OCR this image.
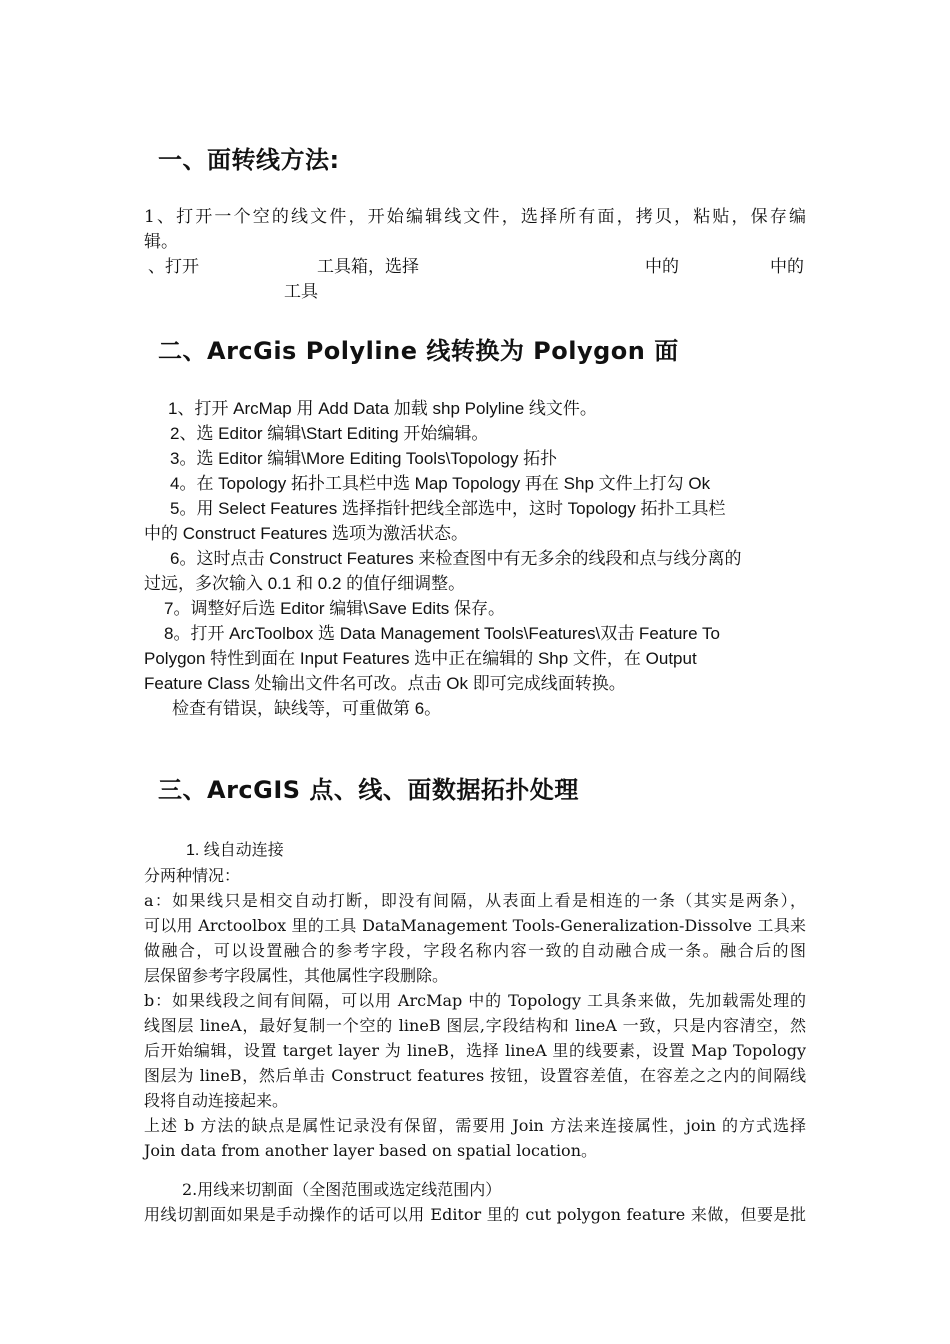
一、面转线方法:
1、打开一个空的线文件，开始编辑线文件，选择所有面，拷贝，粘贴，保存编
辑。
、打开	工具箱，选择	中的	中的
工具
二、ArcGis Polyline 线转换为 Polygon 面
1、打开 ArcMap 用 Add Data 加载 shp Polyline 线文件。
2、选 Editor 编辑\Start Editing 开始编辑。
3。选 Editor 编辑\More Editing Tools\Topology 拓扑
4。在 Topology 拓扑工具栏中选 Map Topology 再在 Shp 文件上打勾 Ok
5。用 Select Features 选择指针把线全部选中，这时 Topology 拓扑工具栏
中的 Construct Features 选项为激活状态。
6。这时点击 Construct Features 来检查图中有无多余的线段和点与线分离的
过远，多次输入 0.1 和 0.2 的值仔细调整。
7。调整好后选 Editor 编辑\Save Edits 保存。
8。打开 ArcToolbox 选 Data Management Tools\Features\双击 Feature To
Polygon 特性到面在 Input Features 选中正在编辑的 Shp 文件，在 Output
Feature Class 处输出文件名可改。点击 Ok 即可完成线面转换。
检查有错误，缺线等，可重做第 6。
三、ArcGIS 点、线、面数据拓扑处理
1. 线自动连接
分两种情况：
a：如果线只是相交自动打断，即没有间隔，从表面上看是相连的一条（其实是两条），
可以用 Arctoolbox 里的工具 DataManagement Tools-Generalization-Dissolve 工具来
做融合，可以设置融合的参考字段，字段名称内容一致的自动融合成一条。融合后的图
层保留参考字段属性，其他属性字段删除。
b：如果线段之间有间隔，可以用 ArcMap 中的 Topology 工具条来做，先加载需处理的
线图层 lineA，最好复制一个空的 lineB 图层,字段结构和 lineA 一致，只是内容清空，然
后开始编辑，设置 target layer 为 lineB，选择 lineA 里的线要素，设置 Map Topology
图层为 lineB，然后单击 Construct features 按钮，设置容差值，在容差之之内的间隔线
段将自动连接起来。
上述 b 方法的缺点是属性记录没有保留，需要用 Join 方法来连接属性，join 的方式选择
Join data from another layer based on spatial location。
2.用线来切割面（全图范围或选定线范围内）
用线切割面如果是手动操作的话可以用 Editor 里的 cut polygon feature 来做，但要是批
